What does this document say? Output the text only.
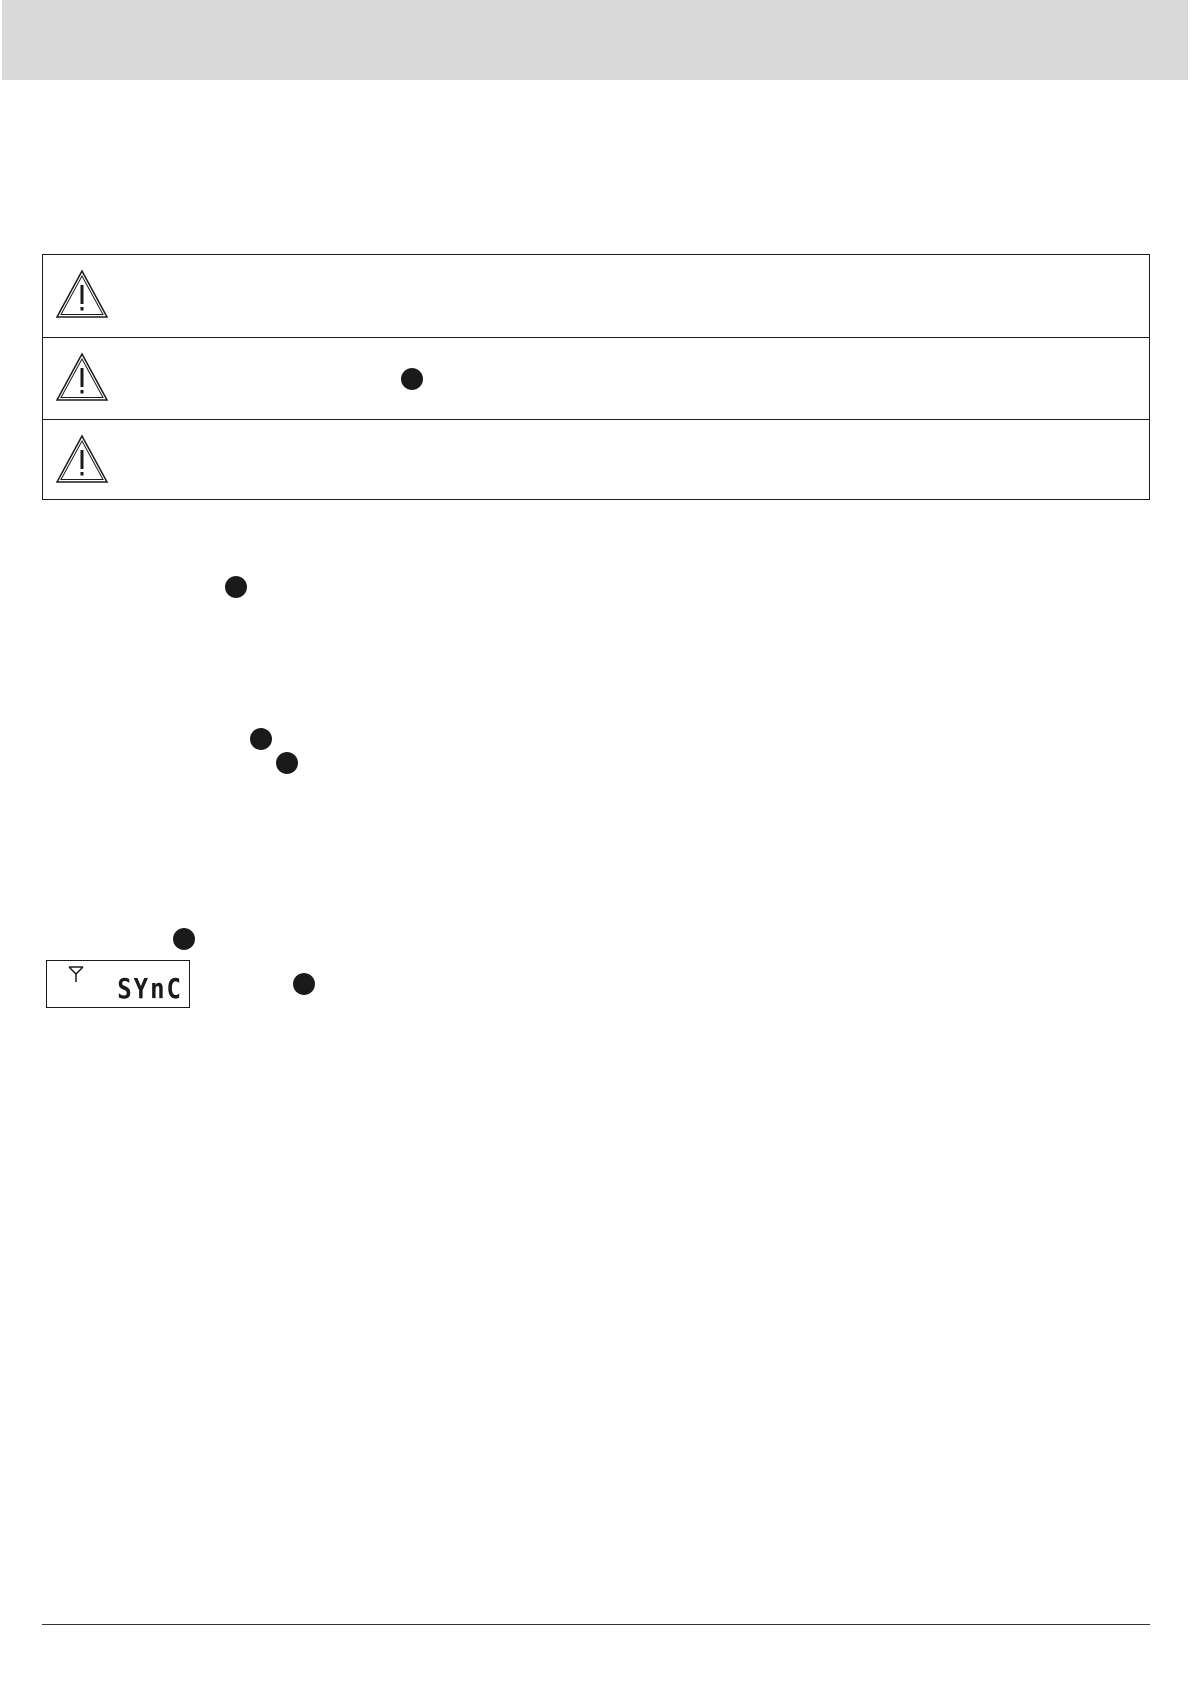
SYnC
